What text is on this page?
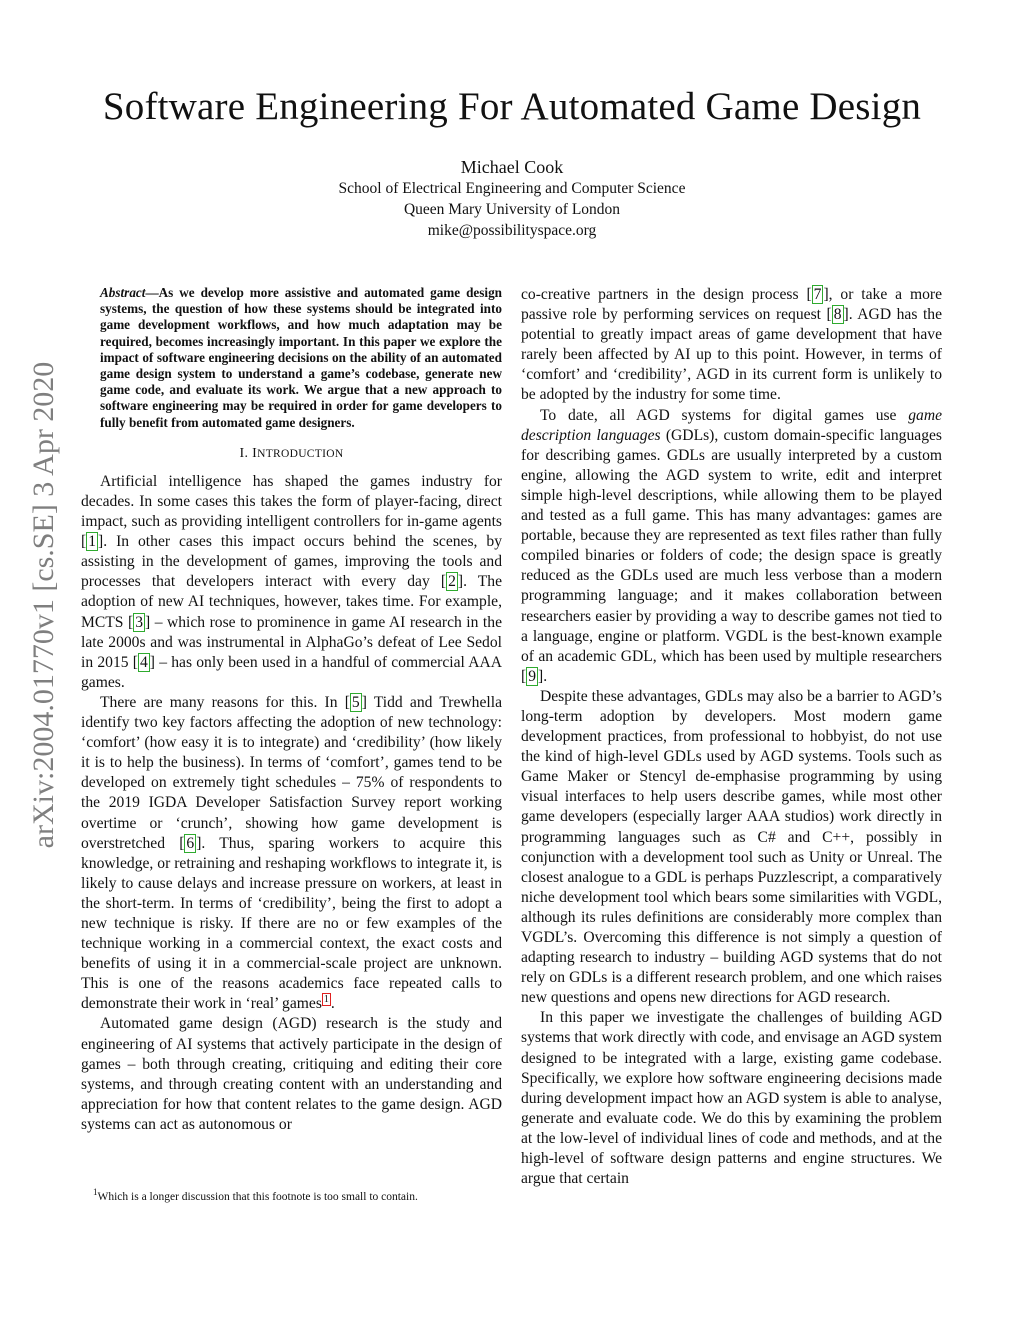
Software Engineering For Automated Game Design
Michael Cook
School of Electrical Engineering and Computer Science
Queen Mary University of London
mike@possibilityspace.org
arXiv:2004.01770v1 [cs.SE] 3 Apr 2020
Abstract—As we develop more assistive and automated game design systems, the question of how these systems should be integrated into game development workflows, and how much adaptation may be required, becomes increasingly important. In this paper we explore the impact of software engineering decisions on the ability of an automated game design system to understand a game’s codebase, generate new game code, and evaluate its work. We argue that a new approach to software engineering may be required in order for game developers to fully benefit from automated game designers.
I. INTRODUCTION

Artificial intelligence has shaped the games industry for decades. In some cases this takes the form of player-facing, direct impact, such as providing intelligent controllers for in-game agents [ 1 ]. In other cases this impact occurs behind the scenes, by assisting in the development of games, improving the tools and processes that developers interact with every day [ 2 ]. The adoption of new AI techniques, however, takes time. For example, MCTS [ 3 ] – which rose to prominence in game AI research in the late 2000s and was instrumental in AlphaGo’s defeat of Lee Sedol in 2015 [ 4 ] – has only been used in a handful of commercial AAA games.

There are many reasons for this. In [ 5 ] Tidd and Trewhella identify two key factors affecting the adoption of new technology: ‘comfort’ (how easy it is to integrate) and ‘credibility’ (how likely it is to help the business). In terms of ‘comfort’, games tend to be developed on extremely tight schedules – 75% of respondents to the 2019 IGDA Developer Satisfaction Survey report working overtime or ‘crunch’, showing how game development is overstretched [ 6 ]. Thus, sparing workers to acquire this knowledge, or retraining and reshaping workflows to integrate it, is likely to cause delays and increase pressure on workers, at least in the short-term. In terms of ‘credibility’, being the first to adopt a new technique is risky. If there are no or few examples of the technique working in a commercial context, the exact costs and benefits of using it in a commercial-scale project are unknown. This is one of the reasons academics face repeated calls to demonstrate their work in ‘real’ games $^1$ .

Automated game design (AGD) research is the study and engineering of AI systems that actively participate in the design of games – both through creating, critiquing and editing their core systems, and through creating content with an understanding and appreciation for how that content relates to the game design. AGD systems can act as autonomous or

$^1$Which is a longer discussion that this footnote is too small to contain.

co-creative partners in the design process [ 7 ], or take a more passive role by performing services on request [ 8 ]. AGD has the potential to greatly impact areas of game development that have rarely been affected by AI up to this point. However, in terms of ‘comfort’ and ‘credibility’, AGD in its current form is unlikely to be adopted by the industry for some time.

To date, all AGD systems for digital games use game description languages (GDLs), custom domain-specific languages for describing games. GDLs are usually interpreted by a custom engine, allowing the AGD system to write, edit and interpret simple high-level descriptions, while allowing them to be played and tested as a full game. This has many advantages: games are portable, because they are represented as text files rather than fully compiled binaries or folders of code; the design space is greatly reduced as the GDLs used are much less verbose than a modern programming language; and it makes collaboration between researchers easier by providing a way to describe games not tied to a language, engine or platform. VGDL is the best-known example of an academic GDL, which has been used by multiple researchers [ 9 ].

Despite these advantages, GDLs may also be a barrier to AGD’s long-term adoption by developers. Most modern game development practices, from professional to hobbyist, do not use the kind of high-level GDLs used by AGD systems. Tools such as Game Maker or Stencyl de-emphasise programming by using visual interfaces to help users describe games, while most other game developers (especially larger AAA studios) work directly in programming languages such as C# and C++, possibly in conjunction with a development tool such as Unity or Unreal. The closest analogue to a GDL is perhaps Puzzlescript, a comparatively niche development tool which bears some similarities with VGDL, although its rules definitions are considerably more complex than VGDL’s. Overcoming this difference is not simply a question of adapting research to industry – building AGD systems that do not rely on GDLs is a different research problem, and one which raises new questions and opens new directions for AGD research.

In this paper we investigate the challenges of building AGD systems that work directly with code, and envisage an AGD system designed to be integrated with a large, existing game codebase. Specifically, we explore how software engineering decisions made during development impact how an AGD system is able to analyse, generate and evaluate code. We do this by examining the problem at the low-level of individual lines of code and methods, and at the high-level of software design patterns and engine structures. We argue that certain
